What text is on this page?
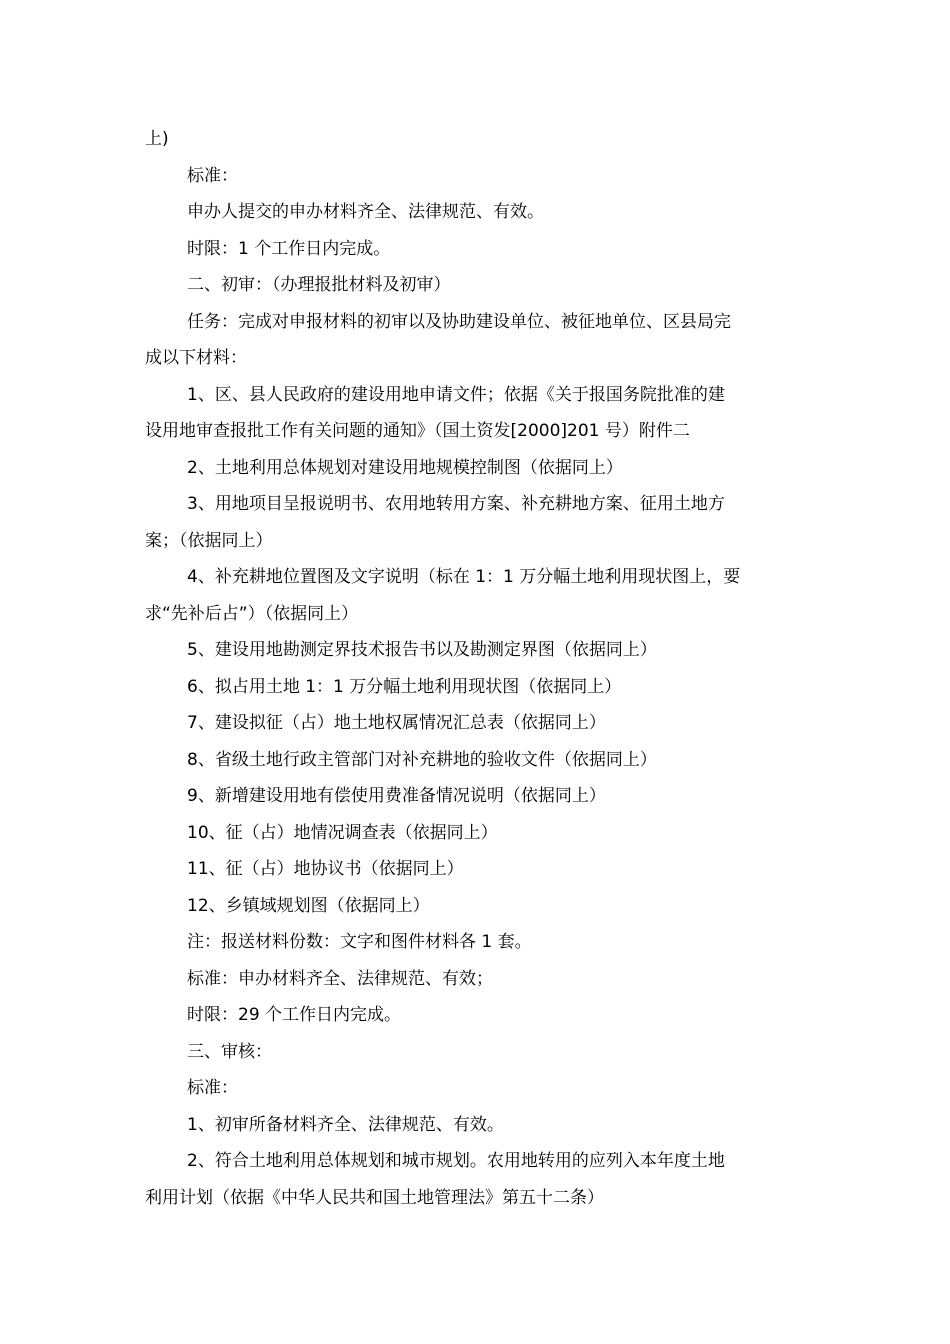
上)
标准：
申办人提交的申办材料齐全、法律规范、有效。
时限：1 个工作日内完成。
二、初审：（办理报批材料及初审）
任务：完成对申报材料的初审以及协助建设单位、被征地单位、区县局完
成以下材料：
1、区、县人民政府的建设用地申请文件；依据《关于报国务院批准的建
设用地审查报批工作有关问题的通知》（国土资发[2000]201 号）附件二
2、土地利用总体规划对建设用地规模控制图（依据同上）
3、用地项目呈报说明书、农用地转用方案、补充耕地方案、征用土地方
案；（依据同上）
4、补充耕地位置图及文字说明（标在 1：1 万分幅土地利用现状图上，要
求“先补后占”）（依据同上）
5、建设用地勘测定界技术报告书以及勘测定界图（依据同上）
6、拟占用土地 1：1 万分幅土地利用现状图（依据同上）
7、建设拟征（占）地土地权属情况汇总表（依据同上）
8、省级土地行政主管部门对补充耕地的验收文件（依据同上）
9、新增建设用地有偿使用费准备情况说明（依据同上）
10、征（占）地情况调查表（依据同上）
11、征（占）地协议书（依据同上）
12、乡镇域规划图（依据同上）
注：报送材料份数：文字和图件材料各 1 套。
标准：申办材料齐全、法律规范、有效；
时限：29 个工作日内完成。
三、审核：
标准：
1、初审所备材料齐全、法律规范、有效。
2、符合土地利用总体规划和城市规划。农用地转用的应列入本年度土地
利用计划（依据《中华人民共和国土地管理法》第五十二条）
